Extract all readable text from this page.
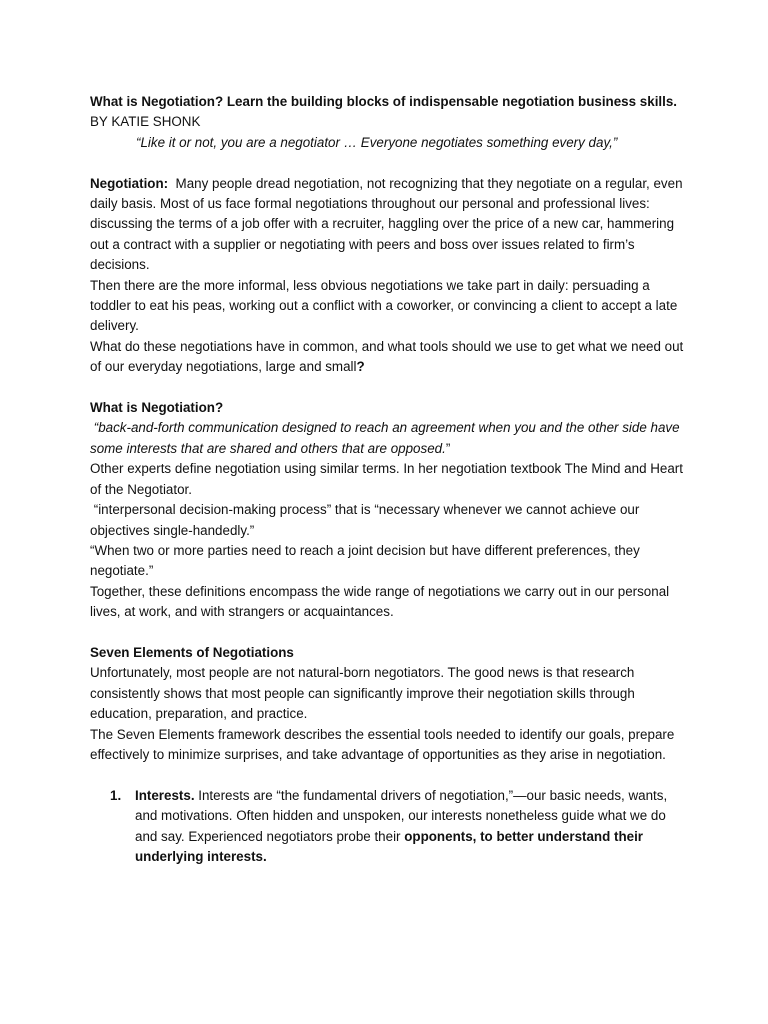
What is Negotiation? Learn the building blocks of indispensable negotiation business skills.

BY KATIE SHONK

“Like it or not, you are a negotiator … Everyone negotiates something every day,”

Negotiation:  Many people dread negotiation, not recognizing that they negotiate on a regular, even daily basis. Most of us face formal negotiations throughout our personal and professional lives: discussing the terms of a job offer with a recruiter, haggling over the price of a new car, hammering out a contract with a supplier or negotiating with peers and boss over issues related to firm’s decisions.

Then there are the more informal, less obvious negotiations we take part in daily: persuading a toddler to eat his peas, working out a conflict with a coworker, or convincing a client to accept a late delivery.

What do these negotiations have in common, and what tools should we use to get what we need out of our everyday negotiations, large and small?

What is Negotiation?

“back-and-forth communication designed to reach an agreement when you and the other side have some interests that are shared and others that are opposed.”

Other experts define negotiation using similar terms. In her negotiation textbook The Mind and Heart of the Negotiator.

“interpersonal decision-making process” that is “necessary whenever we cannot achieve our objectives single-handedly.”

“When two or more parties need to reach a joint decision but have different preferences, they negotiate.”

Together, these definitions encompass the wide range of negotiations we carry out in our personal lives, at work, and with strangers or acquaintances.

Seven Elements of Negotiations

Unfortunately, most people are not natural-born negotiators. The good news is that research consistently shows that most people can significantly improve their negotiation skills through education, preparation, and practice.

The Seven Elements framework describes the essential tools needed to identify our goals, prepare effectively to minimize surprises, and take advantage of opportunities as they arise in negotiation.

1. Interests. Interests are “the fundamental drivers of negotiation,”—our basic needs, wants, and motivations. Often hidden and unspoken, our interests nonetheless guide what we do and say. Experienced negotiators probe their opponents, to better understand their underlying interests.
